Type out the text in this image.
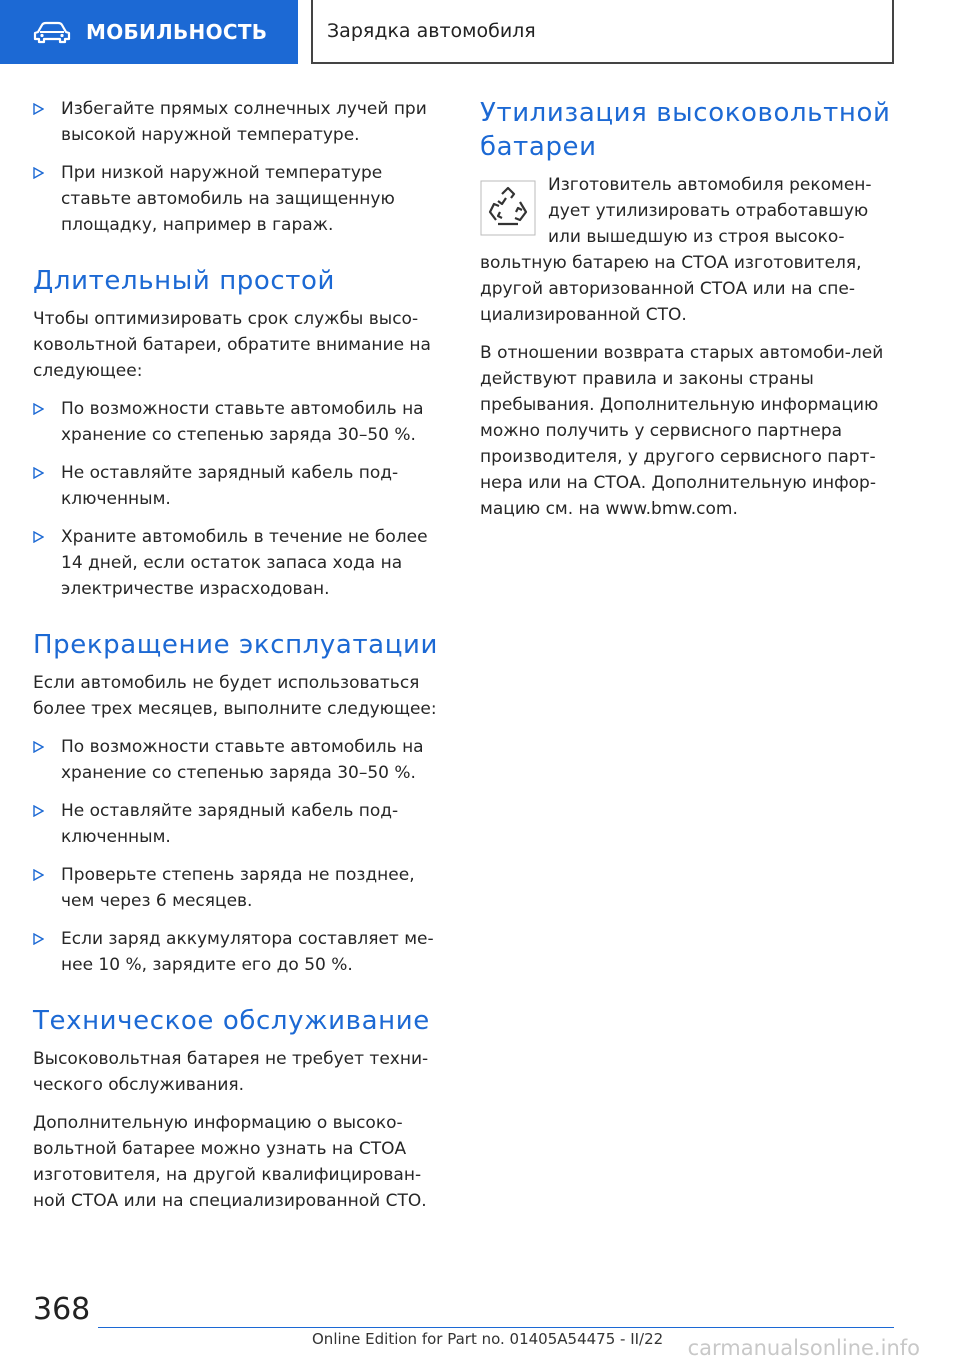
МОБИЛЬНОСТЬ	Зарядка автомобиля
Избегайте прямых солнечных лучей при высокой наружной температуре.
При низкой наружной температуре ставьте автомобиль на защищенную площадку, например в гараж.
Длительный простой
Чтобы оптимизировать срок службы высо-ковольтной батареи, обратите внимание на следующее:
По возможности ставьте автомобиль на хранение со степенью заряда 30–50 %.
Не оставляйте зарядный кабель под-ключенным.
Храните автомобиль в течение не более 14 дней, если остаток запаса хода на электричестве израсходован.
Прекращение эксплуатации
Если автомобиль не будет использоваться более трех месяцев, выполните следующее:
По возможности ставьте автомобиль на хранение со степенью заряда 30–50 %.
Не оставляйте зарядный кабель под-ключенным.
Проверьте степень заряда не позднее, чем через 6 месяцев.
Если заряд аккумулятора составляет ме-нее 10 %, зарядите его до 50 %.
Техническое обслуживание
Высоковольтная батарея не требует техни-ческого обслуживания.
Дополнительную информацию о высоко-вольтной батарее можно узнать на СТОА изготовителя, на другой квалифицирован-ной СТОА или на специализированной СТО.
Утилизация высоковольтной батареи
Изготовитель автомобиля рекомен-дует утилизировать отработавшую или вышедшую из строя высоко-вольтную батарею на СТОА изготовителя, другой авторизованной СТОА или на спе-циализированной СТО.
В отношении возврата старых автомоби-лей действуют правила и законы страны пребывания. Дополнительную информацию можно получить у сервисного партнера производителя, у другого сервисного парт-нера или на СТОА. Дополнительную инфор-мацию см. на www.bmw.com.
368
Online Edition for Part no. 01405A54475 - II/22 carmanualsonline.info
